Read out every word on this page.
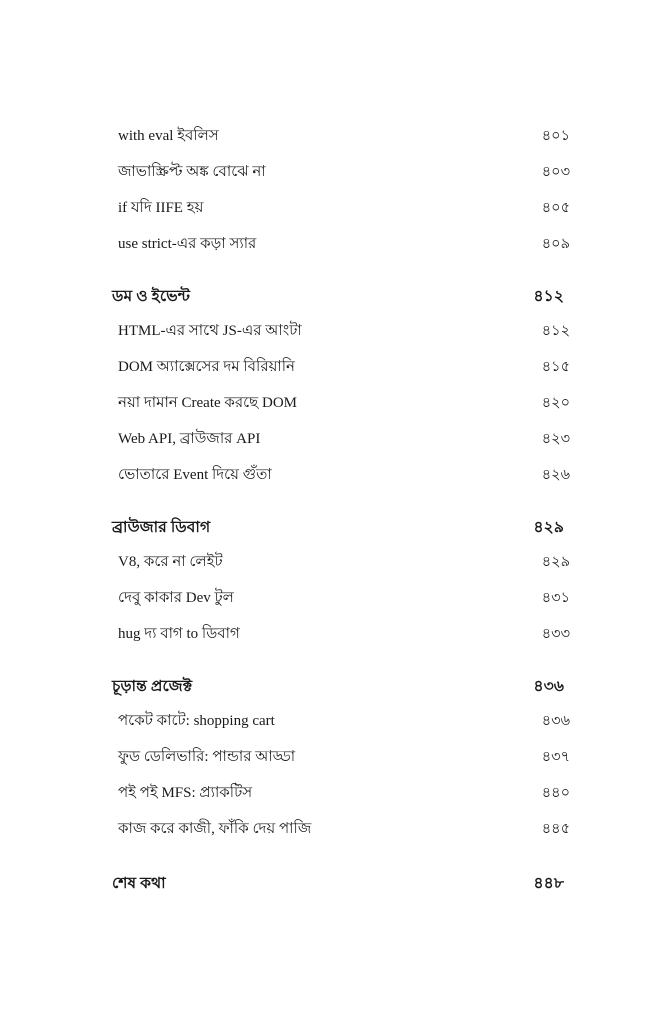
with eval ইবলিস	৪০১
জাভাস্ক্রিপ্ট অঙ্ক বোঝে না	৪০৩
if যদি IIFE হয়	৪০৫
use strict-এর কড়া স্যার	৪০৯
ডম ও ইভেন্ট	৪১২
HTML-এর সাথে JS-এর আংটা	৪১২
DOM অ্যাক্সেসের দম বিরিয়ানি	৪১৫
নয়া দামান Create করছে DOM	৪২০
Web API, ব্রাউজার API	৪২৩
ভোতারে Event দিয়ে গুঁতা	৪২৬
ব্রাউজার ডিবাগ	৪২৯
V8, করে না লেইট	৪২৯
দেবু কাকার Dev টুল	৪৩১
hug দ্য বাগ to ডিবাগ	৪৩৩
চূড়ান্ত প্রজেক্ট	৪৩৬
পকেট কাটে: shopping cart	৪৩৬
ফুড ডেলিভারি: পান্ডার আড্ডা	৪৩৭
পই পই MFS: প্র্যাকটিস	৪৪০
কাজ করে কাজী, ফাঁকি দেয় পাজি	৪৪৫
শেষ কথা	৪৪৮
